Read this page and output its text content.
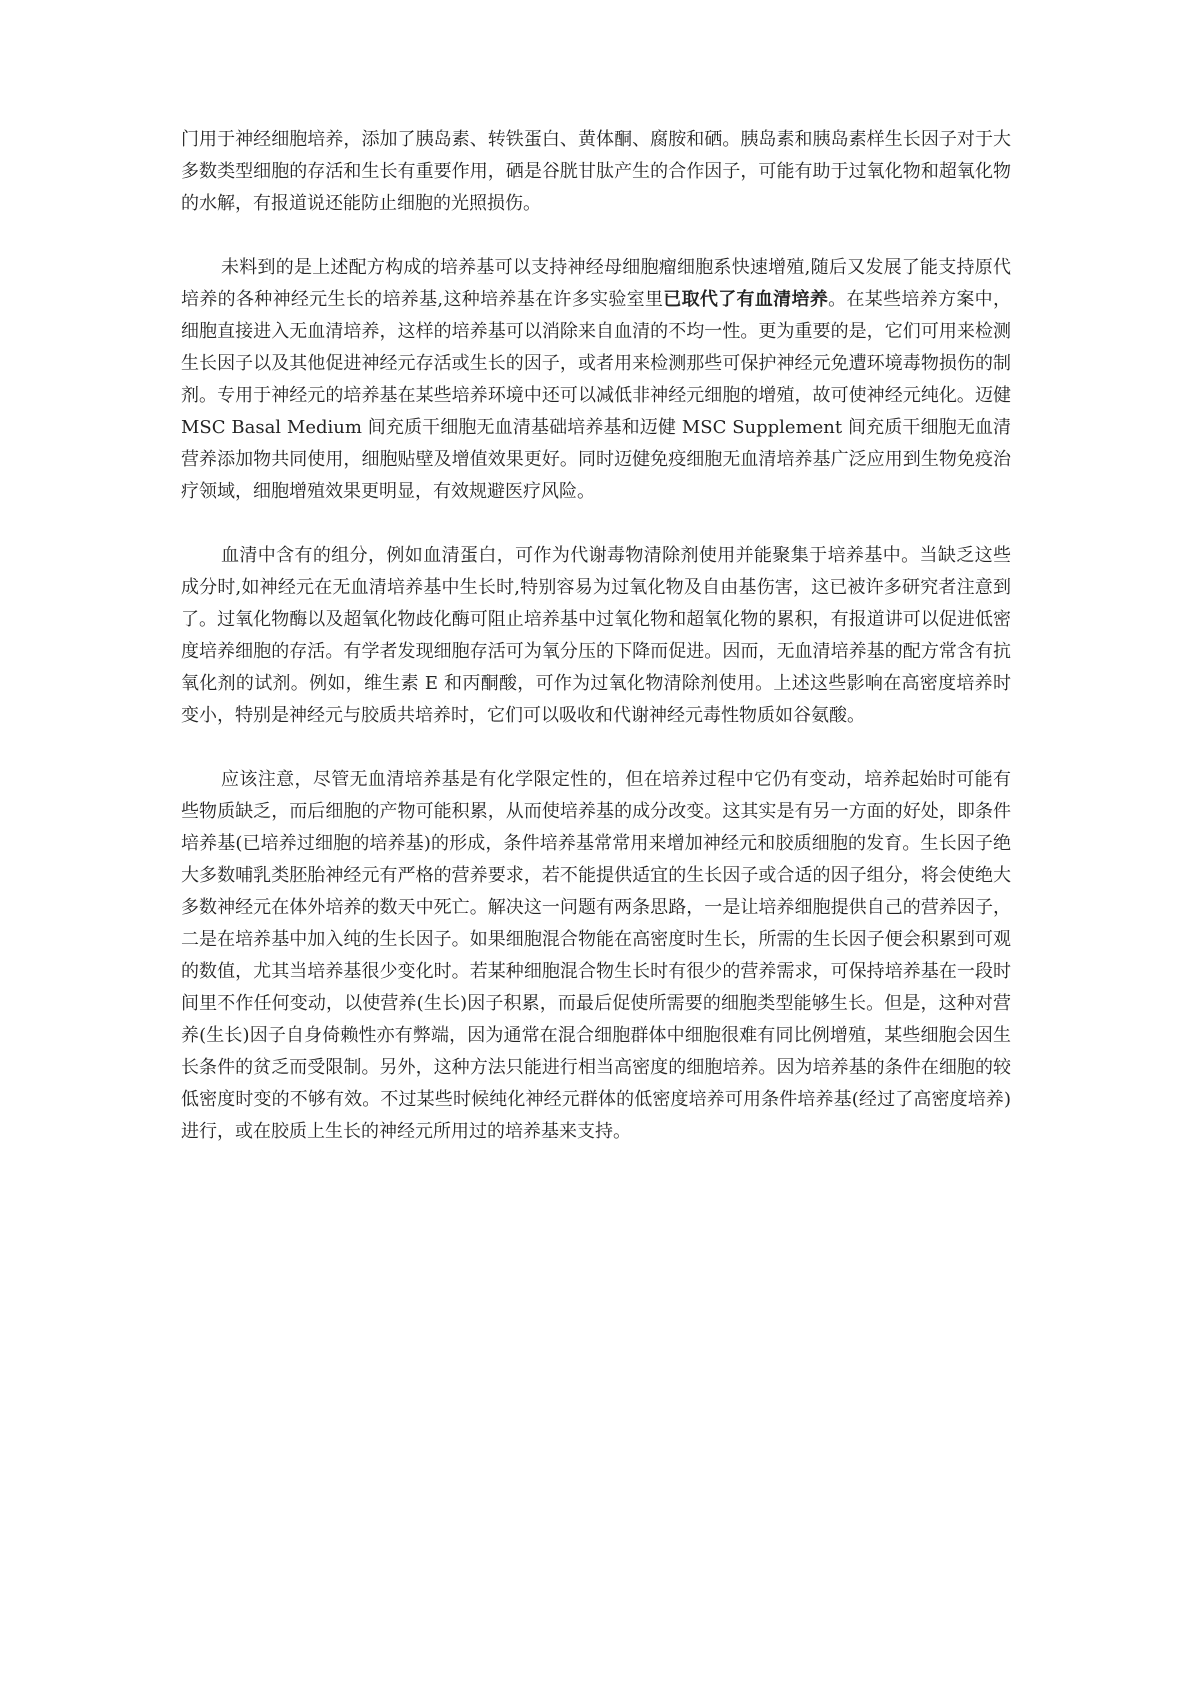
门用于神经细胞培养，添加了胰岛素、转铁蛋白、黄体酮、腐胺和硒。胰岛素和胰岛素样生长因子对于大多数类型细胞的存活和生长有重要作用，硒是谷胱甘肽产生的合作因子，可能有助于过氧化物和超氧化物的水解，有报道说还能防止细胞的光照损伤。

未料到的是上述配方构成的培养基可以支持神经母细胞瘤细胞系快速增殖,随后又发展了能支持原代培养的各种神经元生长的培养基,这种培养基在许多实验室里已取代了有血清培养。在某些培养方案中，细胞直接进入无血清培养，这样的培养基可以消除来自血清的不均一性。更为重要的是，它们可用来检测生长因子以及其他促进神经元存活或生长的因子，或者用来检测那些可保护神经元免遭环境毒物损伤的制剂。专用于神经元的培养基在某些培养环境中还可以减低非神经元细胞的增殖，故可使神经元纯化。迈健 MSC Basal Medium 间充质干细胞无血清基础培养基和迈健 MSC Supplement 间充质干细胞无血清营养添加物共同使用，细胞贴壁及增值效果更好。同时迈健免疫细胞无血清培养基广泛应用到生物免疫治疗领域，细胞增殖效果更明显，有效规避医疗风险。

血清中含有的组分，例如血清蛋白，可作为代谢毒物清除剂使用并能聚集于培养基中。当缺乏这些成分时,如神经元在无血清培养基中生长时,特别容易为过氧化物及自由基伤害，这已被许多研究者注意到了。过氧化物酶以及超氧化物歧化酶可阻止培养基中过氧化物和超氧化物的累积，有报道讲可以促进低密度培养细胞的存活。有学者发现细胞存活可为氧分压的下降而促进。因而，无血清培养基的配方常含有抗氧化剂的试剂。例如，维生素 E 和丙酮酸，可作为过氧化物清除剂使用。上述这些影响在高密度培养时变小，特别是神经元与胶质共培养时，它们可以吸收和代谢神经元毒性物质如谷氨酸。

应该注意，尽管无血清培养基是有化学限定性的，但在培养过程中它仍有变动，培养起始时可能有些物质缺乏，而后细胞的产物可能积累，从而使培养基的成分改变。这其实是有另一方面的好处，即条件培养基(已培养过细胞的培养基)的形成，条件培养基常常用来增加神经元和胶质细胞的发育。生长因子绝大多数哺乳类胚胎神经元有严格的营养要求，若不能提供适宜的生长因子或合适的因子组分，将会使绝大多数神经元在体外培养的数天中死亡。解决这一问题有两条思路，一是让培养细胞提供自己的营养因子，二是在培养基中加入纯的生长因子。如果细胞混合物能在高密度时生长，所需的生长因子便会积累到可观的数值，尤其当培养基很少变化时。若某种细胞混合物生长时有很少的营养需求，可保持培养基在一段时间里不作任何变动，以使营养(生长)因子积累，而最后促使所需要的细胞类型能够生长。但是，这种对营养(生长)因子自身倚赖性亦有弊端，因为通常在混合细胞群体中细胞很难有同比例增殖，某些细胞会因生长条件的贫乏而受限制。另外，这种方法只能进行相当高密度的细胞培养。因为培养基的条件在细胞的较低密度时变的不够有效。不过某些时候纯化神经元群体的低密度培养可用条件培养基(经过了高密度培养)进行，或在胶质上生长的神经元所用过的培养基来支持。
